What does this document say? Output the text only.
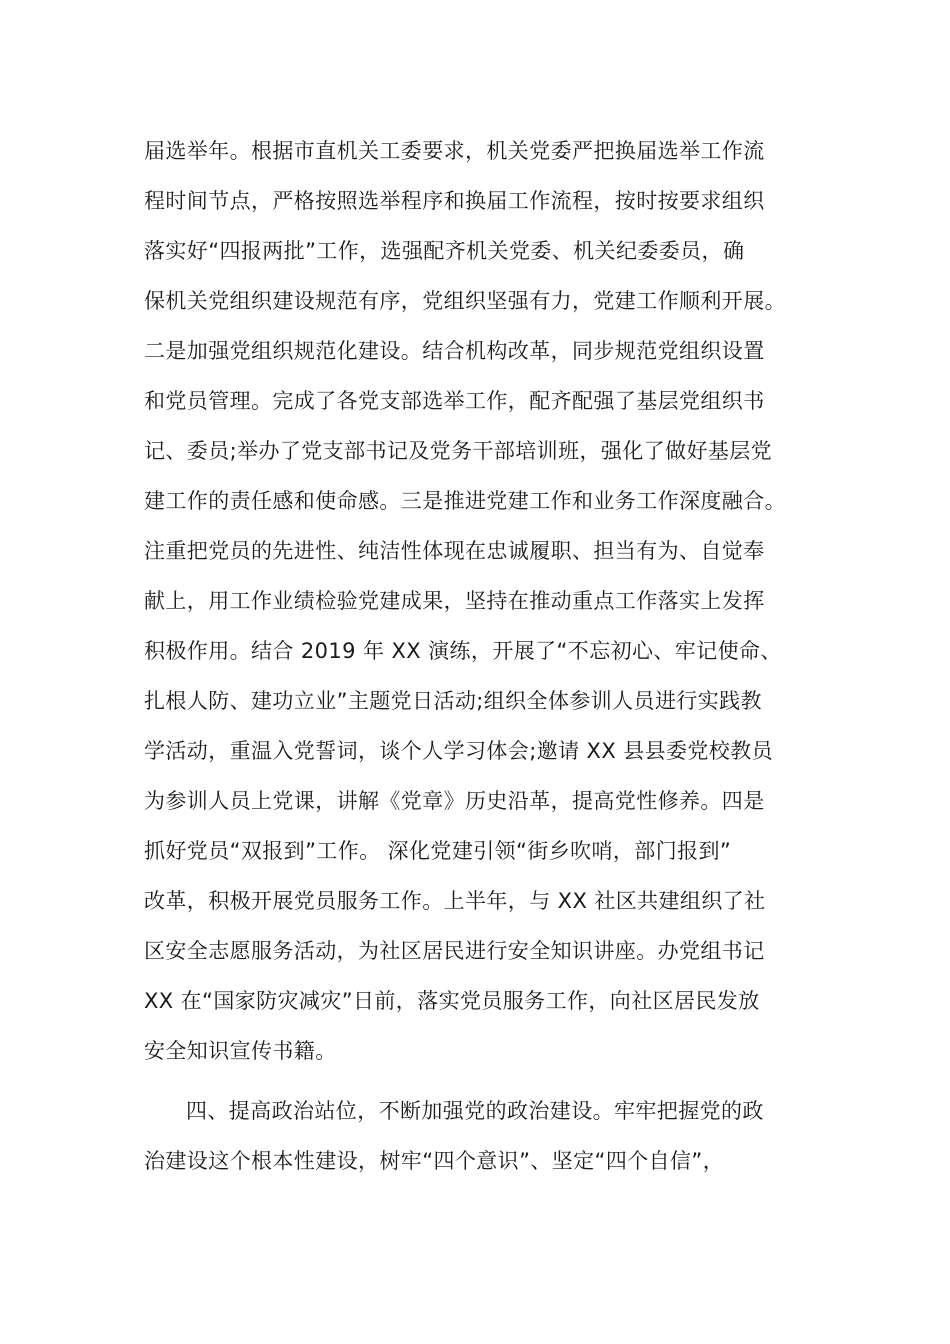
届选举年。根据市直机关工委要求，机关党委严把换届选举工作流
程时间节点，严格按照选举程序和换届工作流程，按时按要求组织
落实好“四报两批”工作，选强配齐机关党委、机关纪委委员，确
保机关党组织建设规范有序，党组织坚强有力，党建工作顺利开展。
二是加强党组织规范化建设。结合机构改革，同步规范党组织设置
和党员管理。完成了各党支部选举工作，配齐配强了基层党组织书
记、委员;举办了党支部书记及党务干部培训班，强化了做好基层党
建工作的责任感和使命感。三是推进党建工作和业务工作深度融合。
注重把党员的先进性、纯洁性体现在忠诚履职、担当有为、自觉奉
献上，用工作业绩检验党建成果，坚持在推动重点工作落实上发挥
积极作用。结合 2019 年 XX 演练，开展了“不忘初心、牢记使命、
扎根人防、建功立业”主题党日活动;组织全体参训人员进行实践教
学活动，重温入党誓词，谈个人学习体会;邀请 XX 县县委党校教员
为参训人员上党课，讲解《党章》历史沿革，提高党性修养。四是
抓好党员“双报到”工作。 深化党建引领“街乡吹哨，部门报到”
改革，积极开展党员服务工作。上半年，与 XX 社区共建组织了社
区安全志愿服务活动，为社区居民进行安全知识讲座。办党组书记
XX 在“国家防灾减灾”日前，落实党员服务工作，向社区居民发放
安全知识宣传书籍。
四、提高政治站位，不断加强党的政治建设。牢牢把握党的政
治建设这个根本性建设，树牢“四个意识”、坚定“四个自信”，
